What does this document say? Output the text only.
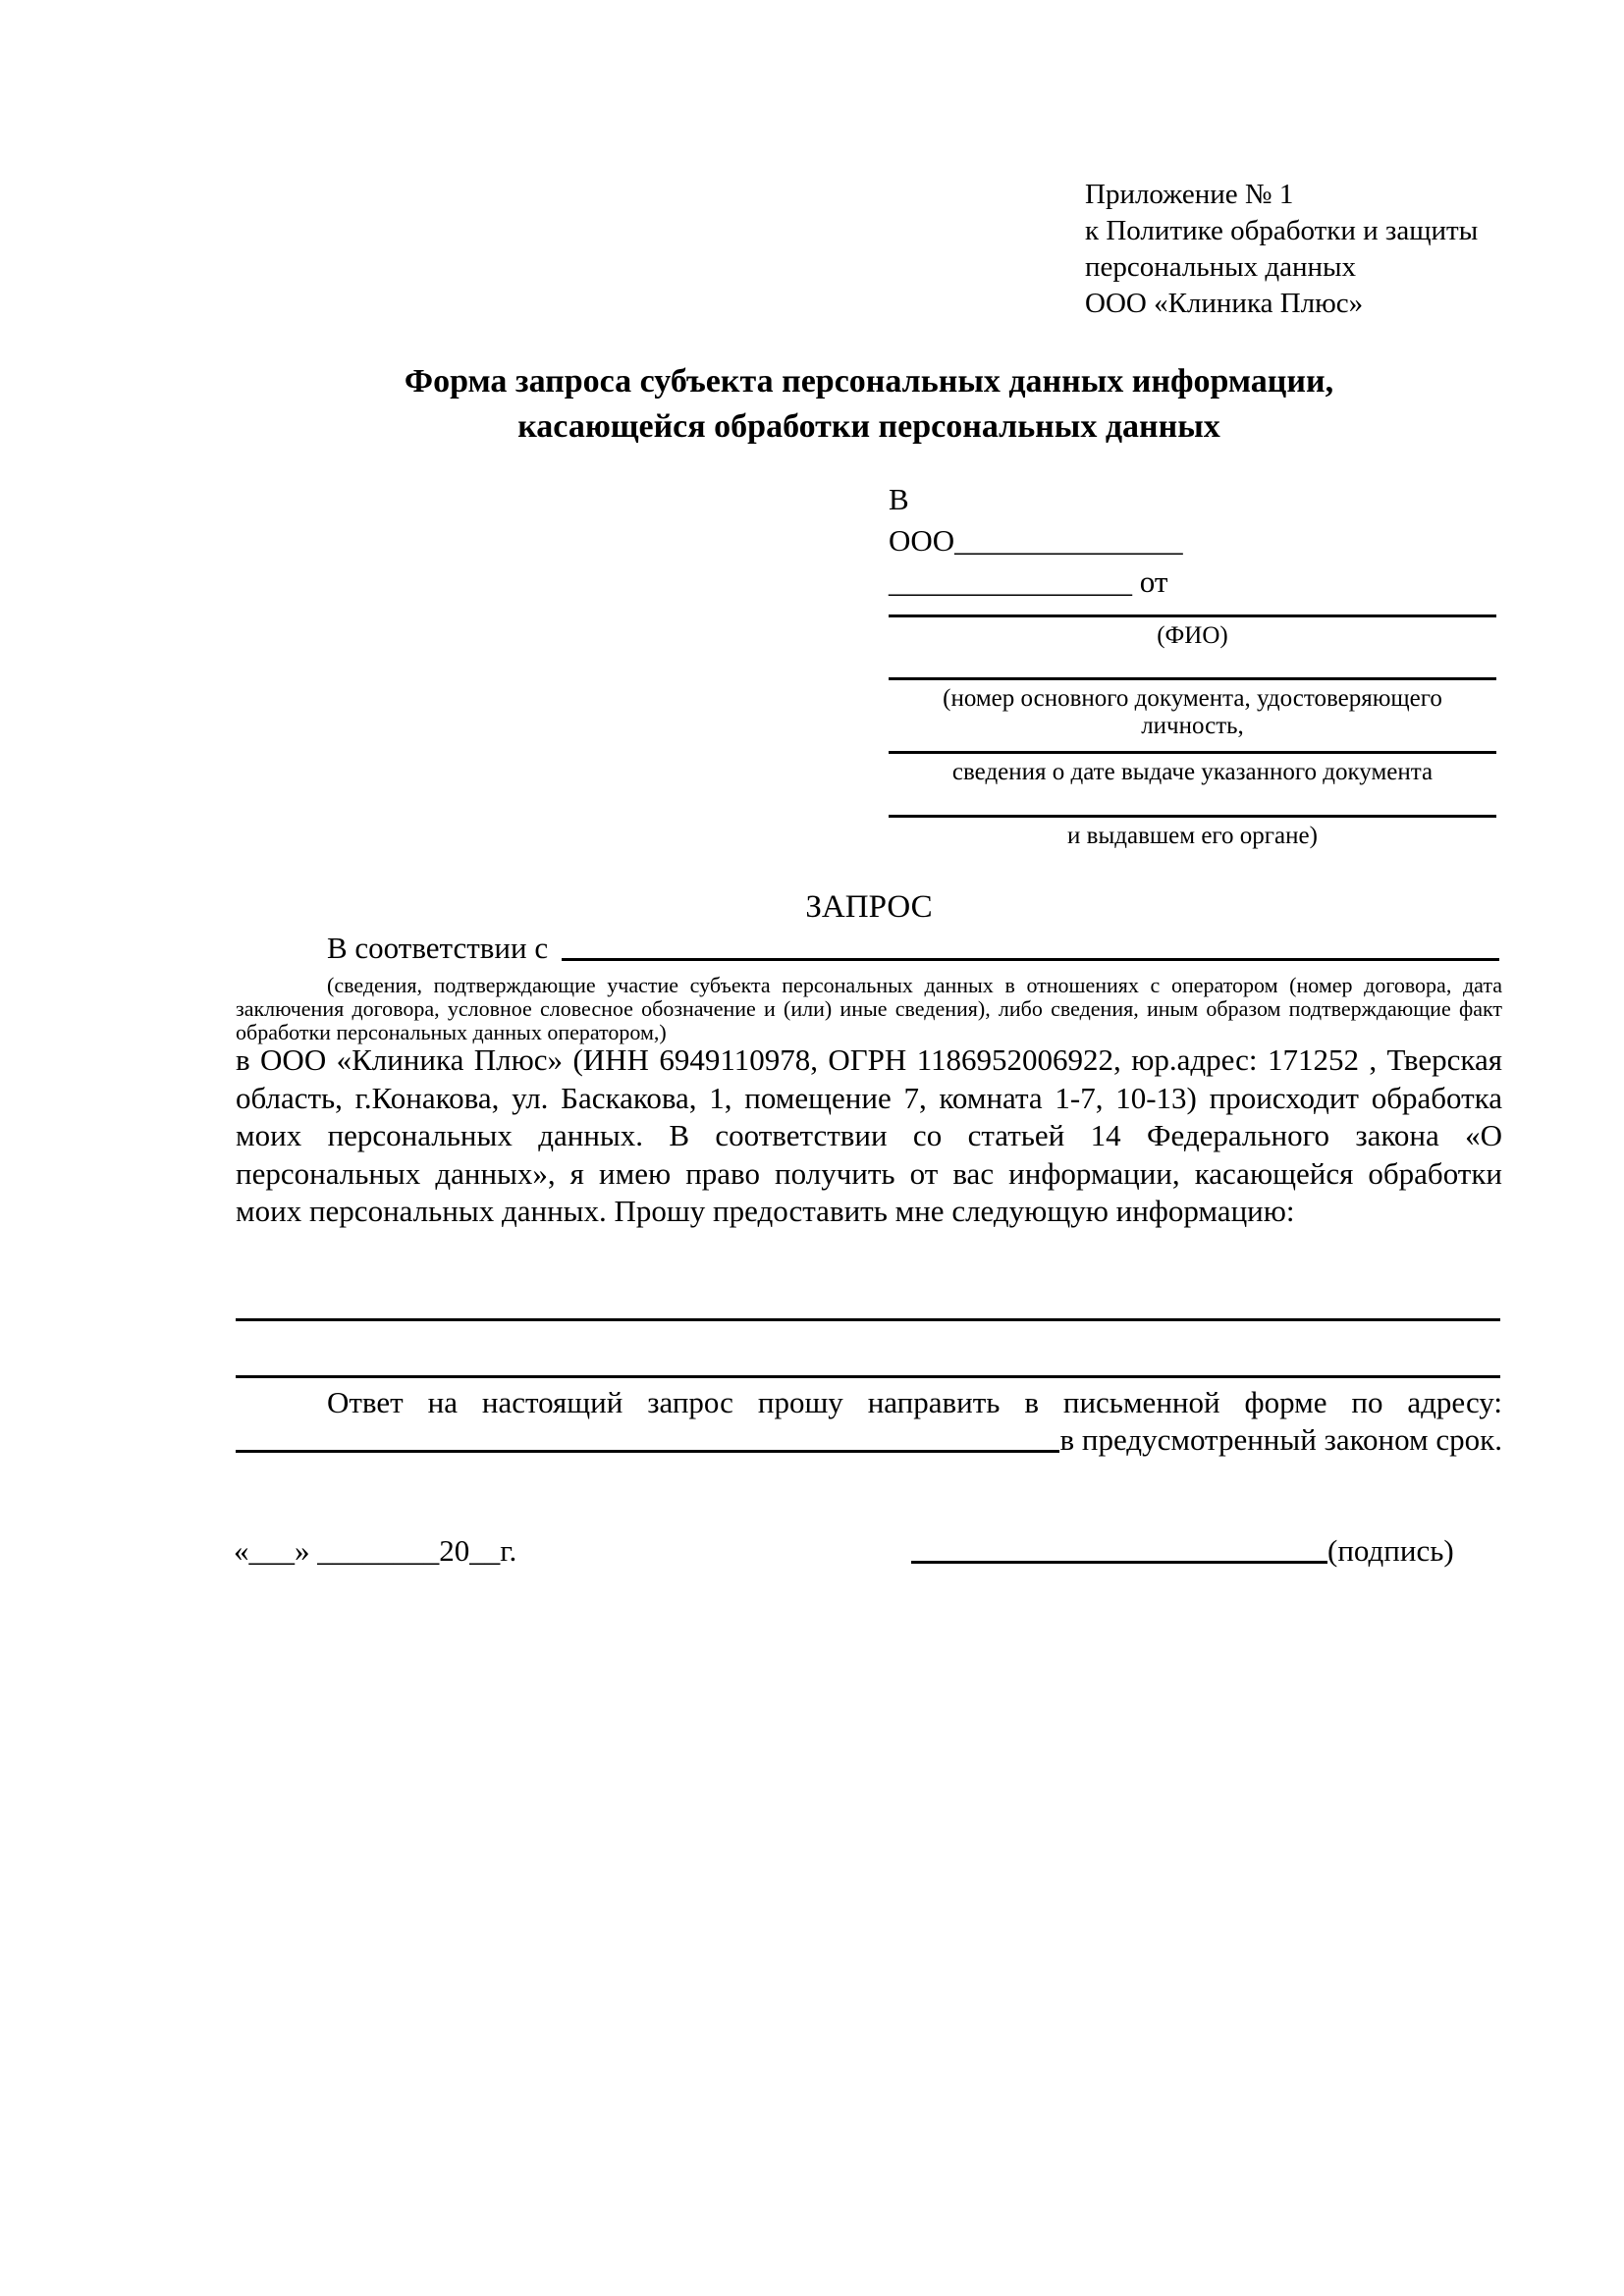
Приложение № 1
к Политике обработки и защиты
персональных данных
ООО «Клиника Плюс»
Форма запроса субъекта персональных данных информации,
касающейся обработки персональных данных
В
ООО_______________
________________ от
(ФИО)
(номер основного документа, удостоверяющего личность,
сведения о дате выдаче указанного документа
и выдавшем его органе)
ЗАПРОС
В соответствии с
(сведения, подтверждающие участие субъекта персональных данных в отношениях с оператором (номер договора, дата заключения договора, условное словесное обозначение и (или) иные сведения), либо сведения, иным образом подтверждающие факт обработки персональных данных оператором,)
в ООО «Клиника Плюс» (ИНН 6949110978, ОГРН 1186952006922, юр.адрес: 171252 , Тверская область, г.Конакова, ул. Баскакова, 1, помещение 7, комната 1-7, 10-13) происходит обработка моих персональных данных. В соответствии со статьей 14 Федерального закона «О персональных данных», я имею право получить от вас информации, касающейся обработки моих персональных данных. Прошу предоставить мне следующую информацию:
Ответ на настоящий запрос прошу направить в письменной форме по адресу:
в предусмотренный законом срок.
«___» ________20__г.	(подпись)
